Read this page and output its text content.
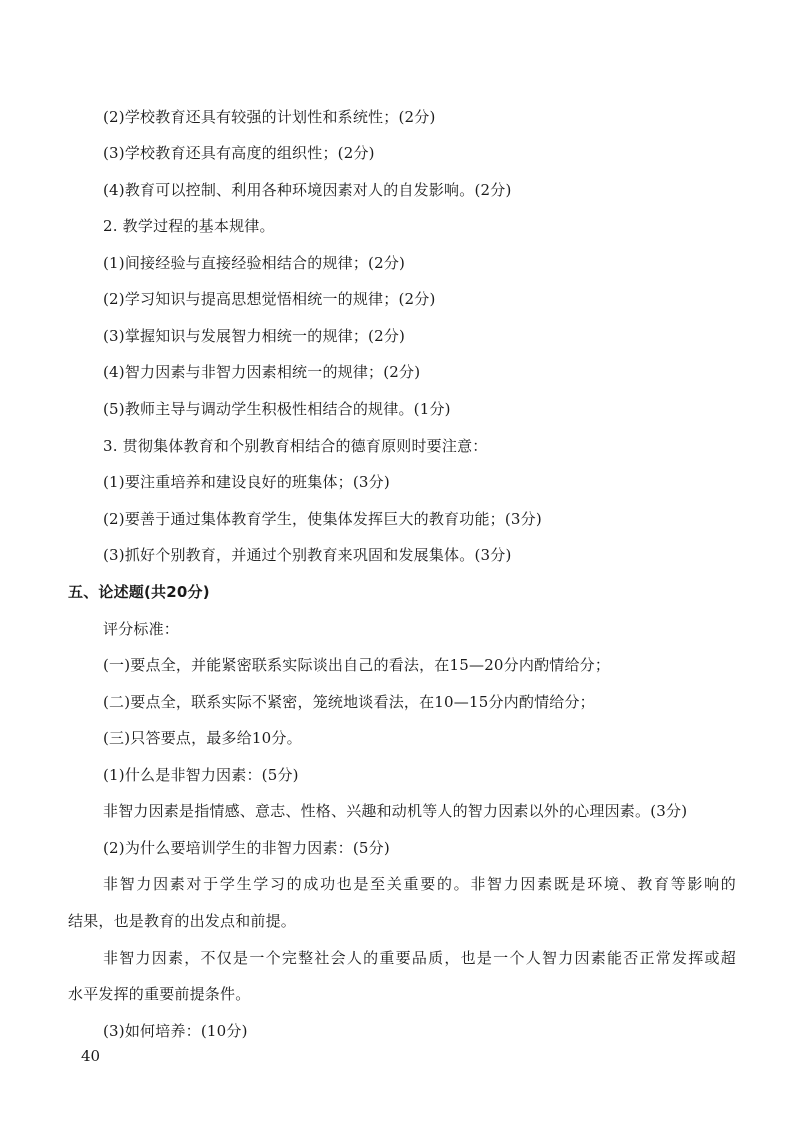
(2)学校教育还具有较强的计划性和系统性；(2分)
(3)学校教育还具有高度的组织性；(2分)
(4)教育可以控制、利用各种环境因素对人的自发影响。(2分)
2. 教学过程的基本规律。
(1)间接经验与直接经验相结合的规律；(2分)
(2)学习知识与提高思想觉悟相统一的规律；(2分)
(3)掌握知识与发展智力相统一的规律；(2分)
(4)智力因素与非智力因素相统一的规律；(2分)
(5)教师主导与调动学生积极性相结合的规律。(1分)
3. 贯彻集体教育和个别教育相结合的德育原则时要注意：
(1)要注重培养和建设良好的班集体；(3分)
(2)要善于通过集体教育学生，使集体发挥巨大的教育功能；(3分)
(3)抓好个别教育，并通过个别教育来巩固和发展集体。(3分)
五、论述题(共20分)
评分标准：
(一)要点全，并能紧密联系实际谈出自己的看法，在15—20分内酌情给分；
(二)要点全，联系实际不紧密，笼统地谈看法，在10—15分内酌情给分；
(三)只答要点，最多给10分。
(1)什么是非智力因素：(5分)
非智力因素是指情感、意志、性格、兴趣和动机等人的智力因素以外的心理因素。(3分)
(2)为什么要培训学生的非智力因素：(5分)
非智力因素对于学生学习的成功也是至关重要的。非智力因素既是环境、教育等影响的
结果，也是教育的出发点和前提。
非智力因素，不仅是一个完整社会人的重要品质，也是一个人智力因素能否正常发挥或超
水平发挥的重要前提条件。
(3)如何培养：(10分)
40
